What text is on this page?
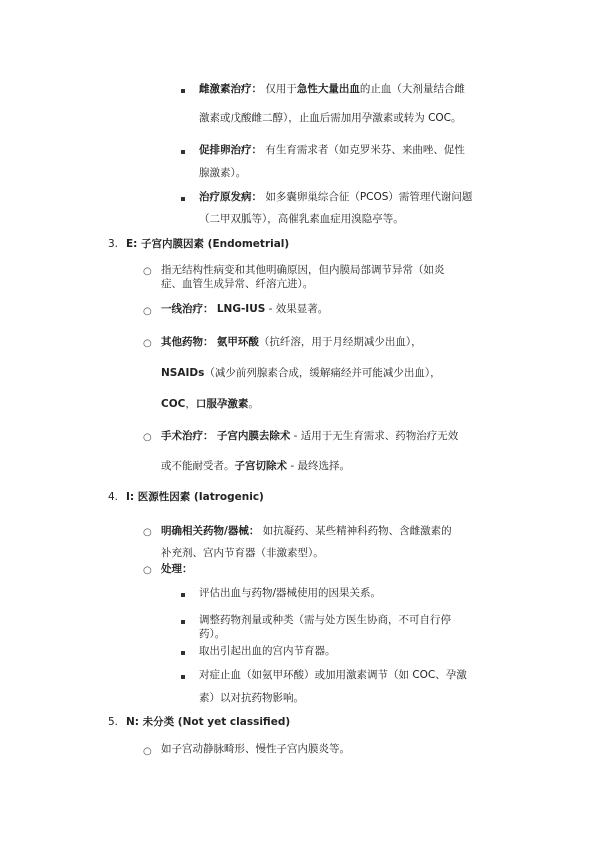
雌激素治疗： 仅用于急性大量出血的止血（大剂量结合雌
激素或戊酸雌二醇），止血后需加用孕激素或转为 COC。
促排卵治疗： 有生育需求者（如克罗米芬、来曲唑、促性
腺激素）。
治疗原发病： 如多囊卵巢综合征（PCOS）需管理代谢问题
（二甲双胍等），高催乳素血症用溴隐亭等。
3. E: 子宫内膜因素 (Endometrial)
○ 指无结构性病变和其他明确原因，但内膜局部调节异常（如炎
症、血管生成异常、纤溶亢进）。
○ 一线治疗： LNG-IUS - 效果显著。
○ 其他药物： 氨甲环酸（抗纤溶，用于月经期减少出血），
NSAIDs（减少前列腺素合成，缓解痛经并可能减少出血），
COC，口服孕激素。
○ 手术治疗： 子宫内膜去除术 - 适用于无生育需求、药物治疗无效
或不能耐受者。子宫切除术 - 最终选择。
4. I: 医源性因素 (Iatrogenic)
○ 明确相关药物/器械： 如抗凝药、某些精神科药物、含雌激素的
补充剂、宫内节育器（非激素型）。
○ 处理：
评估出血与药物/器械使用的因果关系。
调整药物剂量或种类（需与处方医生协商，不可自行停
药）。
取出引起出血的宫内节育器。
对症止血（如氨甲环酸）或加用激素调节（如 COC、孕激
素）以对抗药物影响。
5. N: 未分类 (Not yet classified)
○ 如子宫动静脉畸形、慢性子宫内膜炎等。
